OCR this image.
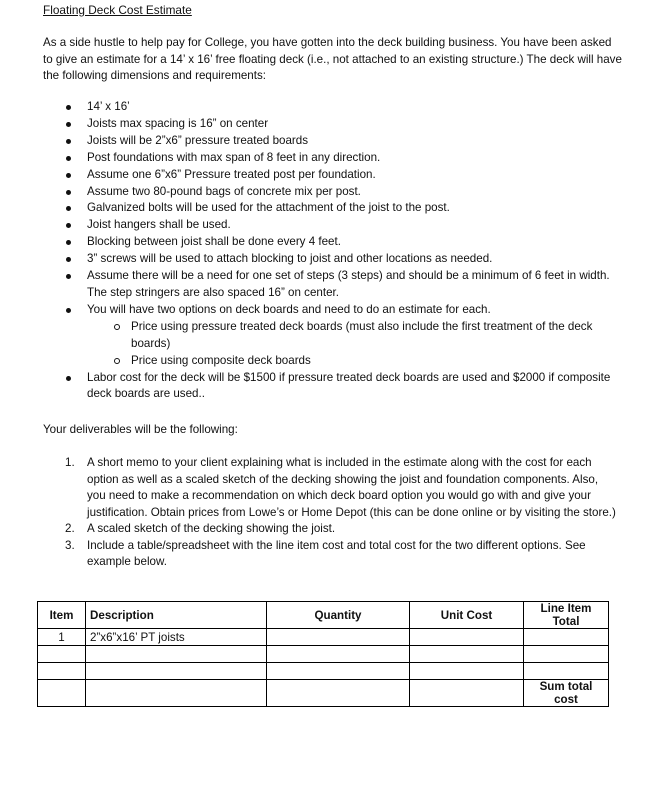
Floating Deck Cost Estimate
As a side hustle to help pay for College, you have gotten into the deck building business. You have been asked to give an estimate for a 14’ x 16’ free floating deck (i.e., not attached to an existing structure.) The deck will have the following dimensions and requirements:
14’ x 16’
Joists max spacing is 16” on center
Joists will be 2”x6” pressure treated boards
Post foundations with max span of 8 feet in any direction.
Assume one 6”x6” Pressure treated post per foundation.
Assume two 80-pound bags of concrete mix per post.
Galvanized bolts will be used for the attachment of the joist to the post.
Joist hangers shall be used.
Blocking between joist shall be done every 4 feet.
3” screws will be used to attach blocking to joist and other locations as needed.
Assume there will be a need for one set of steps (3 steps) and should be a minimum of 6 feet in width. The step stringers are also spaced 16” on center.
You will have two options on deck boards and need to do an estimate for each.
Price using pressure treated deck boards (must also include the first treatment of the deck boards)
Price using composite deck boards
Labor cost for the deck will be $1500 if pressure treated deck boards are used and $2000 if composite deck boards are used..
Your deliverables will be the following:
1. A short memo to your client explaining what is included in the estimate along with the cost for each option as well as a scaled sketch of the decking showing the joist and foundation components. Also, you need to make a recommendation on which deck board option you would go with and give your justification. Obtain prices from Lowe’s or Home Depot (this can be done online or by visiting the store.)
2. A scaled sketch of the decking showing the joist.
3. Include a table/spreadsheet with the line item cost and total cost for the two different options. See example below.
Item	Description	Quantity	Unit Cost	Line Item Total
1	2”x6”x16’ PT joists			

				Sum total cost
